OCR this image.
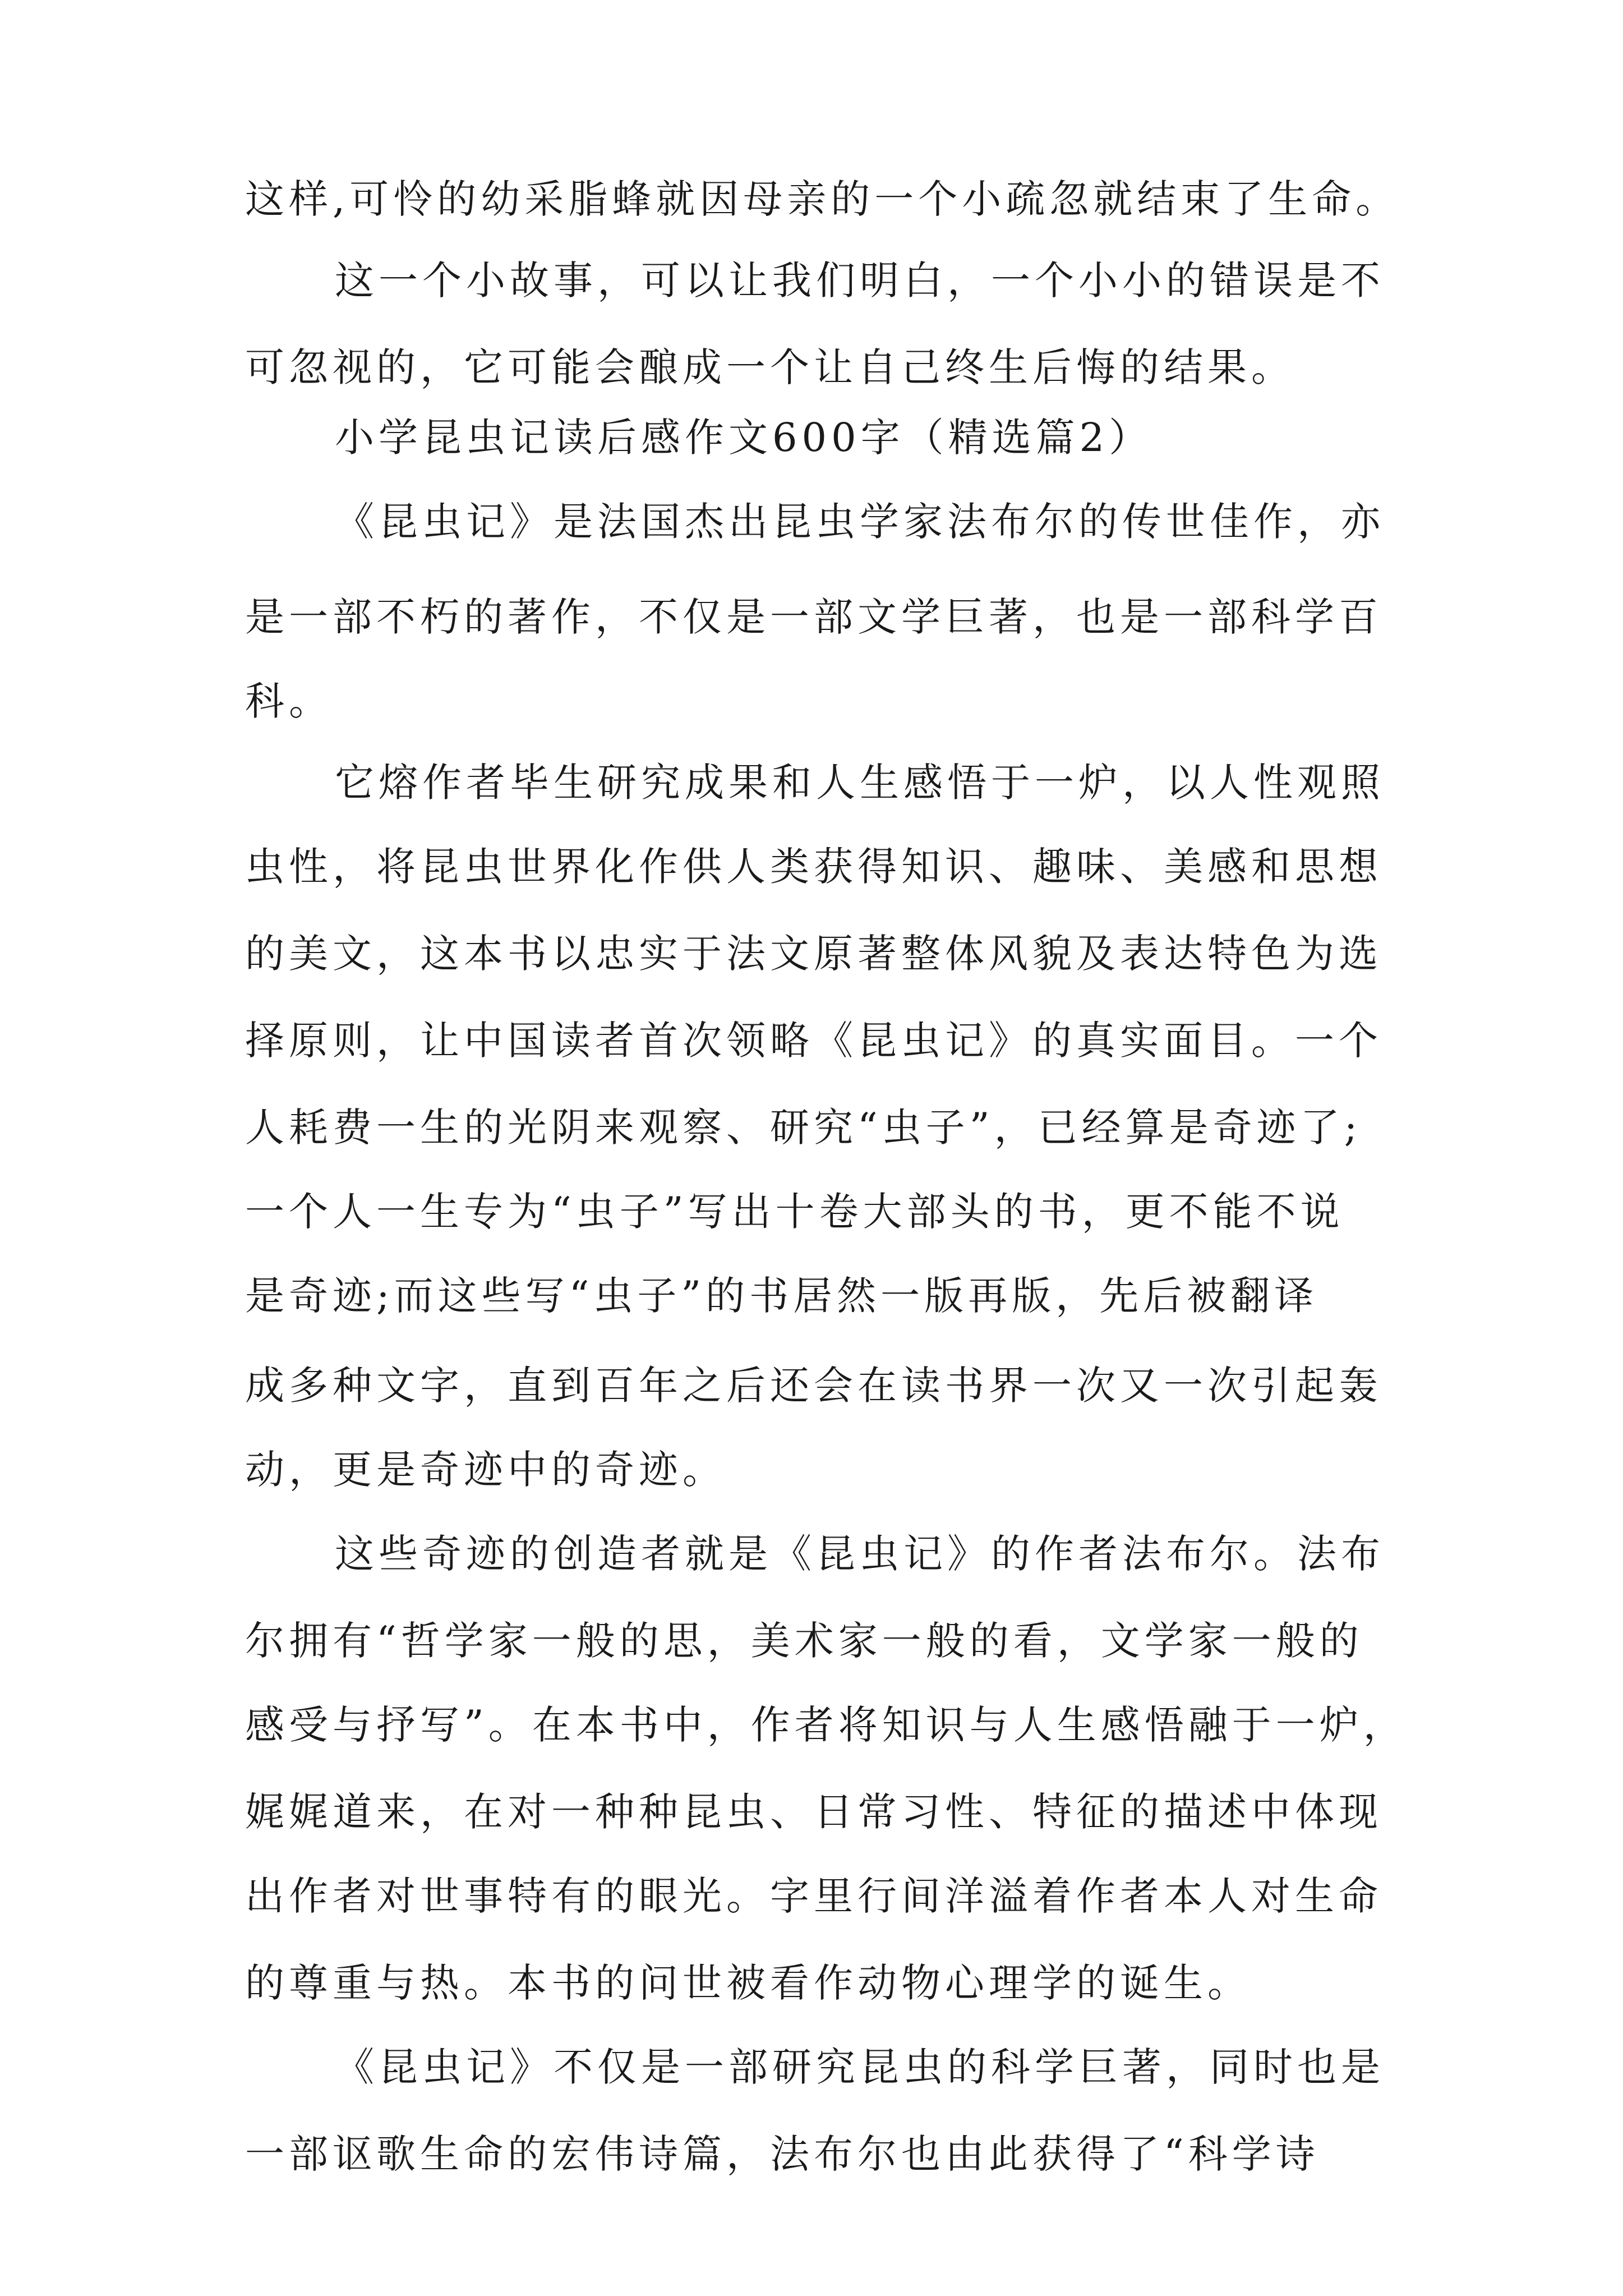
这样,可怜的幼采脂蜂就因母亲的一个小疏忽就结束了生命。

这一个小故事，可以让我们明白，一个小小的错误是不

可忽视的，它可能会酿成一个让自己终生后悔的结果。

小学昆虫记读后感作文600字（精选篇2）

《昆虫记》是法国杰出昆虫学家法布尔的传世佳作，亦

是一部不朽的著作，不仅是一部文学巨著，也是一部科学百

科。

它熔作者毕生研究成果和人生感悟于一炉，以人性观照

虫性，将昆虫世界化作供人类获得知识、趣味、美感和思想

的美文，这本书以忠实于法文原著整体风貌及表达特色为选

择原则，让中国读者首次领略《昆虫记》的真实面目。一个

人耗费一生的光阴来观察、研究“虫子”，已经算是奇迹了;

一个人一生专为“虫子”写出十卷大部头的书，更不能不说

是奇迹;而这些写“虫子”的书居然一版再版，先后被翻译

成多种文字，直到百年之后还会在读书界一次又一次引起轰

动，更是奇迹中的奇迹。

这些奇迹的创造者就是《昆虫记》的作者法布尔。法布

尔拥有“哲学家一般的思，美术家一般的看，文学家一般的

感受与抒写”。在本书中，作者将知识与人生感悟融于一炉，

娓娓道来，在对一种种昆虫、日常习性、特征的描述中体现

出作者对世事特有的眼光。字里行间洋溢着作者本人对生命

的尊重与热。本书的问世被看作动物心理学的诞生。

《昆虫记》不仅是一部研究昆虫的科学巨著，同时也是

一部讴歌生命的宏伟诗篇，法布尔也由此获得了“科学诗
